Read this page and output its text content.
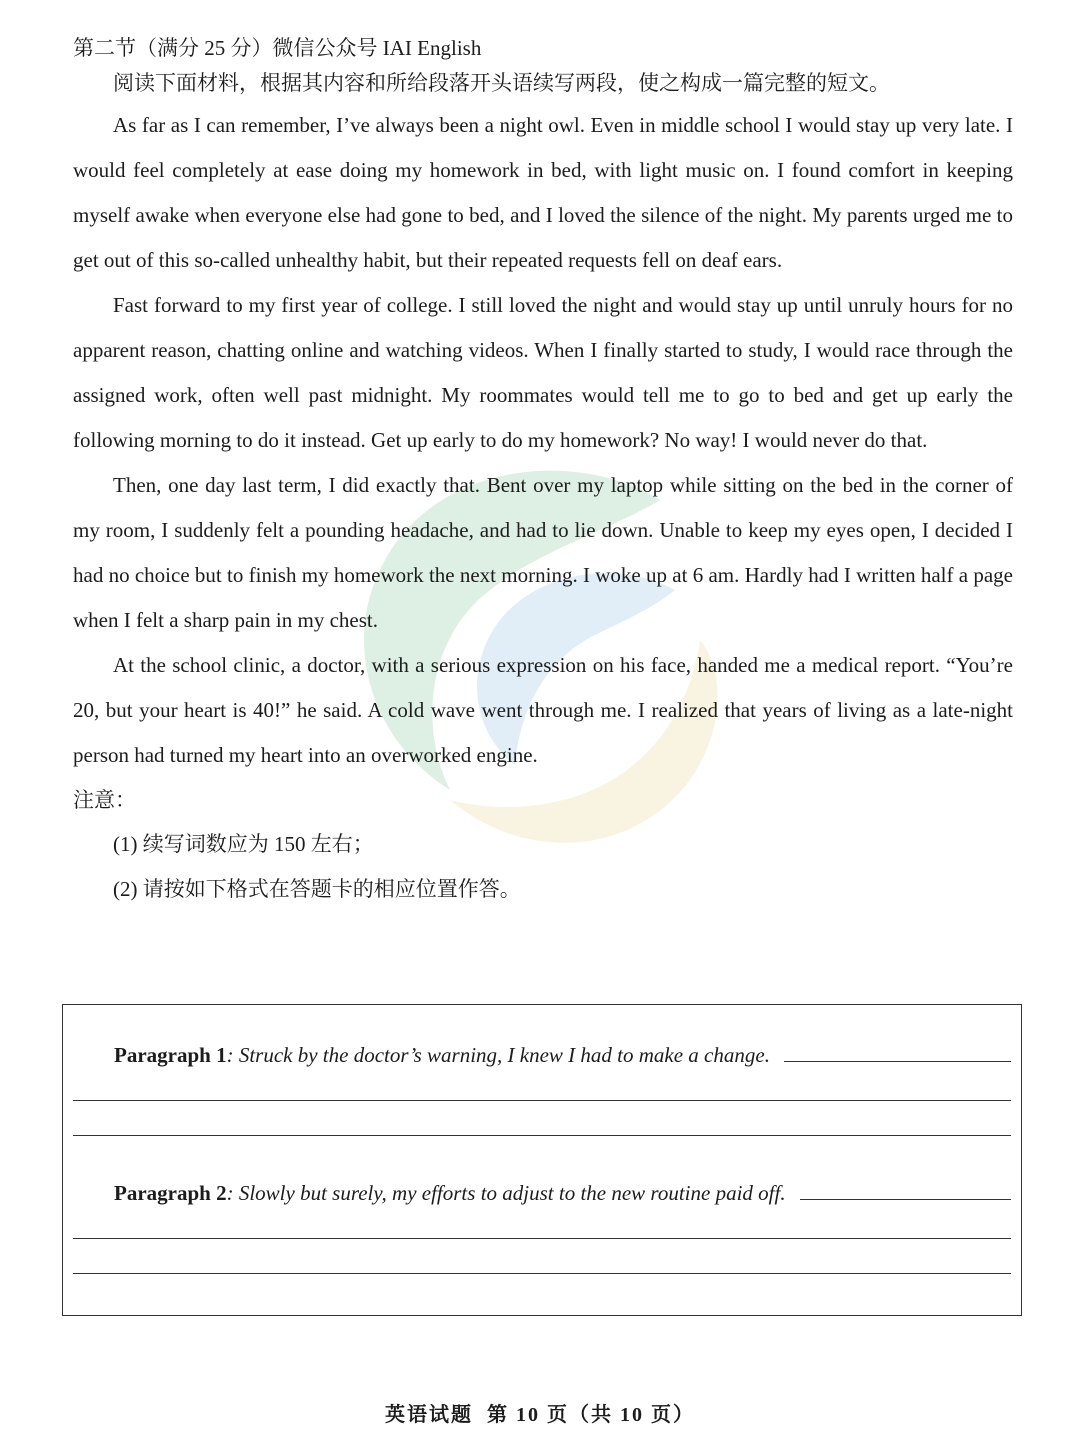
第二节（满分 25 分）微信公众号 IAI English

阅读下面材料，根据其内容和所给段落开头语续写两段，使之构成一篇完整的短文。

As far as I can remember, I’ve always been a night owl. Even in middle school I would stay up very late. I would feel completely at ease doing my homework in bed, with light music on. I found comfort in keeping myself awake when everyone else had gone to bed, and I loved the silence of the night. My parents urged me to get out of this so-called unhealthy habit, but their repeated requests fell on deaf ears.

Fast forward to my first year of college. I still loved the night and would stay up until unruly hours for no apparent reason, chatting online and watching videos. When I finally started to study, I would race through the assigned work, often well past midnight. My roommates would tell me to go to bed and get up early the following morning to do it instead. Get up early to do my homework? No way! I would never do that.

Then, one day last term, I did exactly that. Bent over my laptop while sitting on the bed in the corner of my room, I suddenly felt a pounding headache, and had to lie down. Unable to keep my eyes open, I decided I had no choice but to finish my homework the next morning. I woke up at 6 am. Hardly had I written half a page when I felt a sharp pain in my chest.

At the school clinic, a doctor, with a serious expression on his face, handed me a medical report. “You’re 20, but your heart is 40!” he said. A cold wave went through me. I realized that years of living as a late-night person had turned my heart into an overworked engine.

注意：

(1) 续写词数应为 150 左右；

(2) 请按如下格式在答题卡的相应位置作答。

Paragraph 1 : Struck by the doctor’s warning, I knew I had to make a change.
Paragraph 2 : Slowly but surely, my efforts to adjust to the new routine paid off.
英语试题  第 10 页（共 10 页）
